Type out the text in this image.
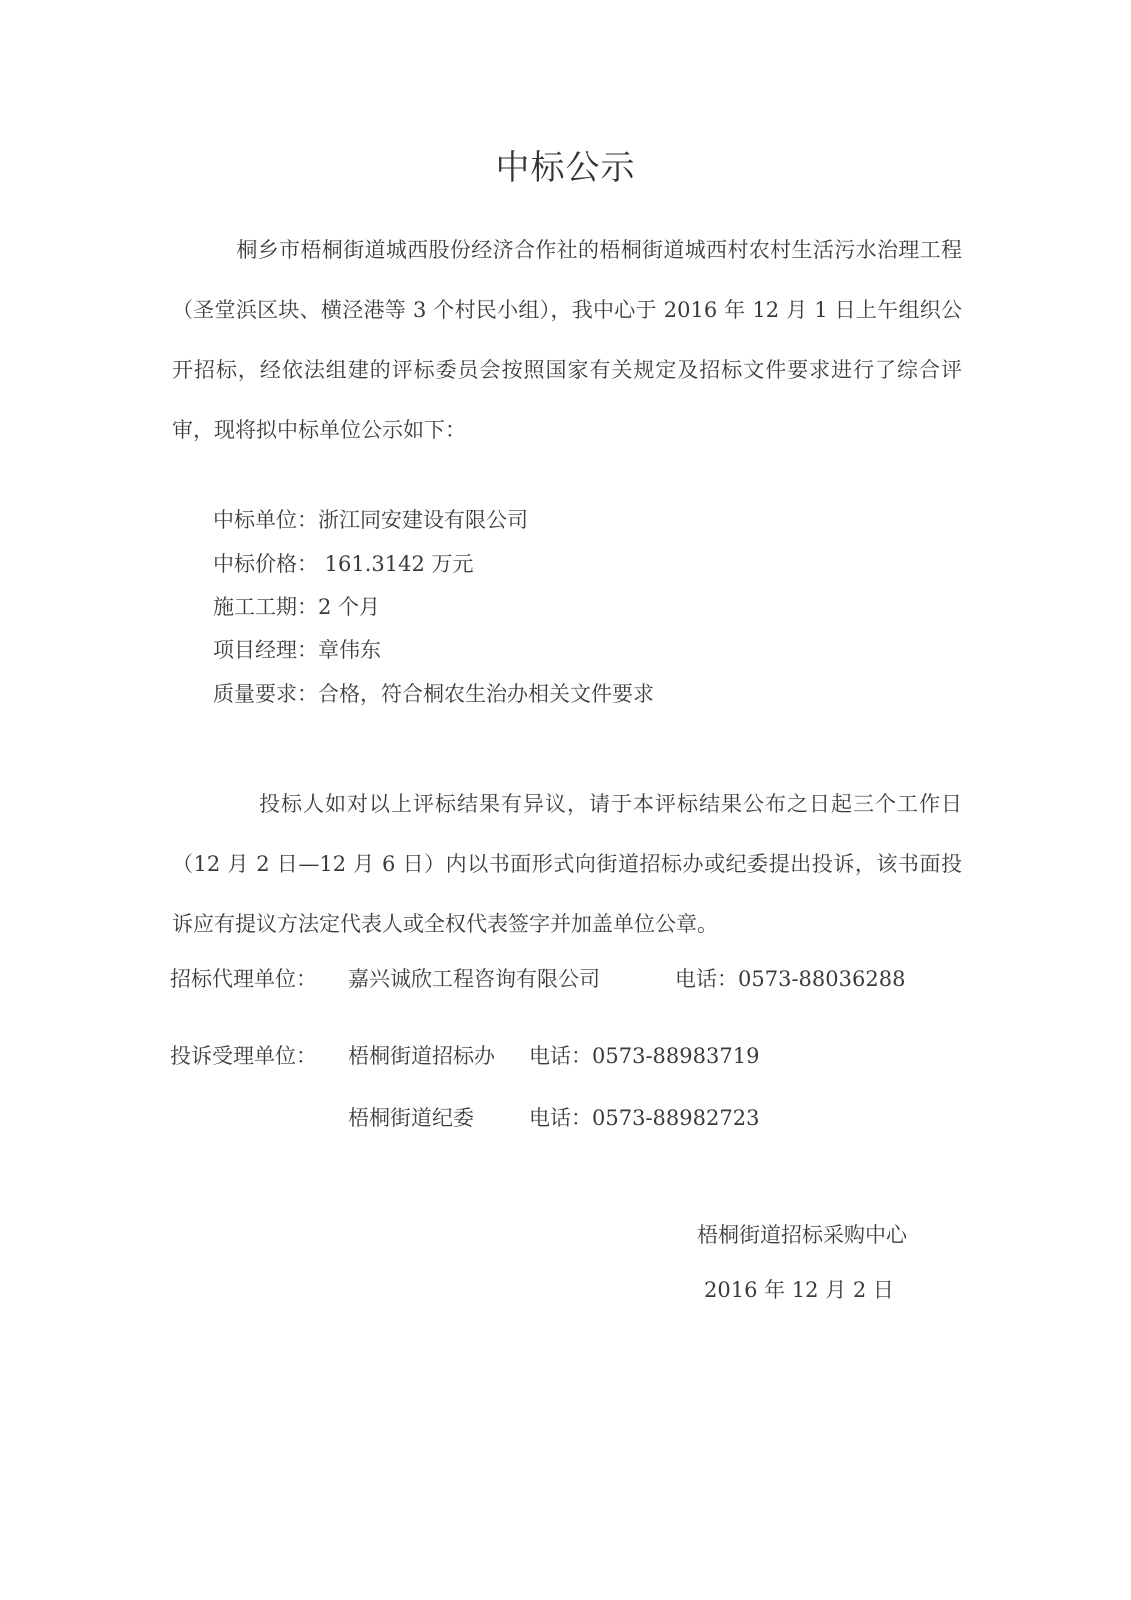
中标公示
桐乡市梧桐街道城西股份经济合作社的梧桐街道城西村农村生活污水治理工程（圣堂浜区块、横泾港等 3 个村民小组），我中心于 2016 年 12 月 1 日上午组织公开招标，经依法组建的评标委员会按照国家有关规定及招标文件要求进行了综合评审，现将拟中标单位公示如下：
中标单位：浙江同安建设有限公司
中标价格： 161.3142 万元
施工工期：2 个月
项目经理：章伟东
质量要求：合格，符合桐农生治办相关文件要求
投标人如对以上评标结果有异议，请于本评标结果公布之日起三个工作日（12 月 2 日—12 月 6 日）内以书面形式向街道招标办或纪委提出投诉，该书面投诉应有提议方法定代表人或全权代表签字并加盖单位公章。
招标代理单位： 嘉兴诚欣工程咨询有限公司	电话：0573-88036288
投诉受理单位： 梧桐街道招标办 电话：0573-88983719
梧桐街道纪委	电话：0573-88982723
梧桐街道招标采购中心
2016 年 12 月 2 日
